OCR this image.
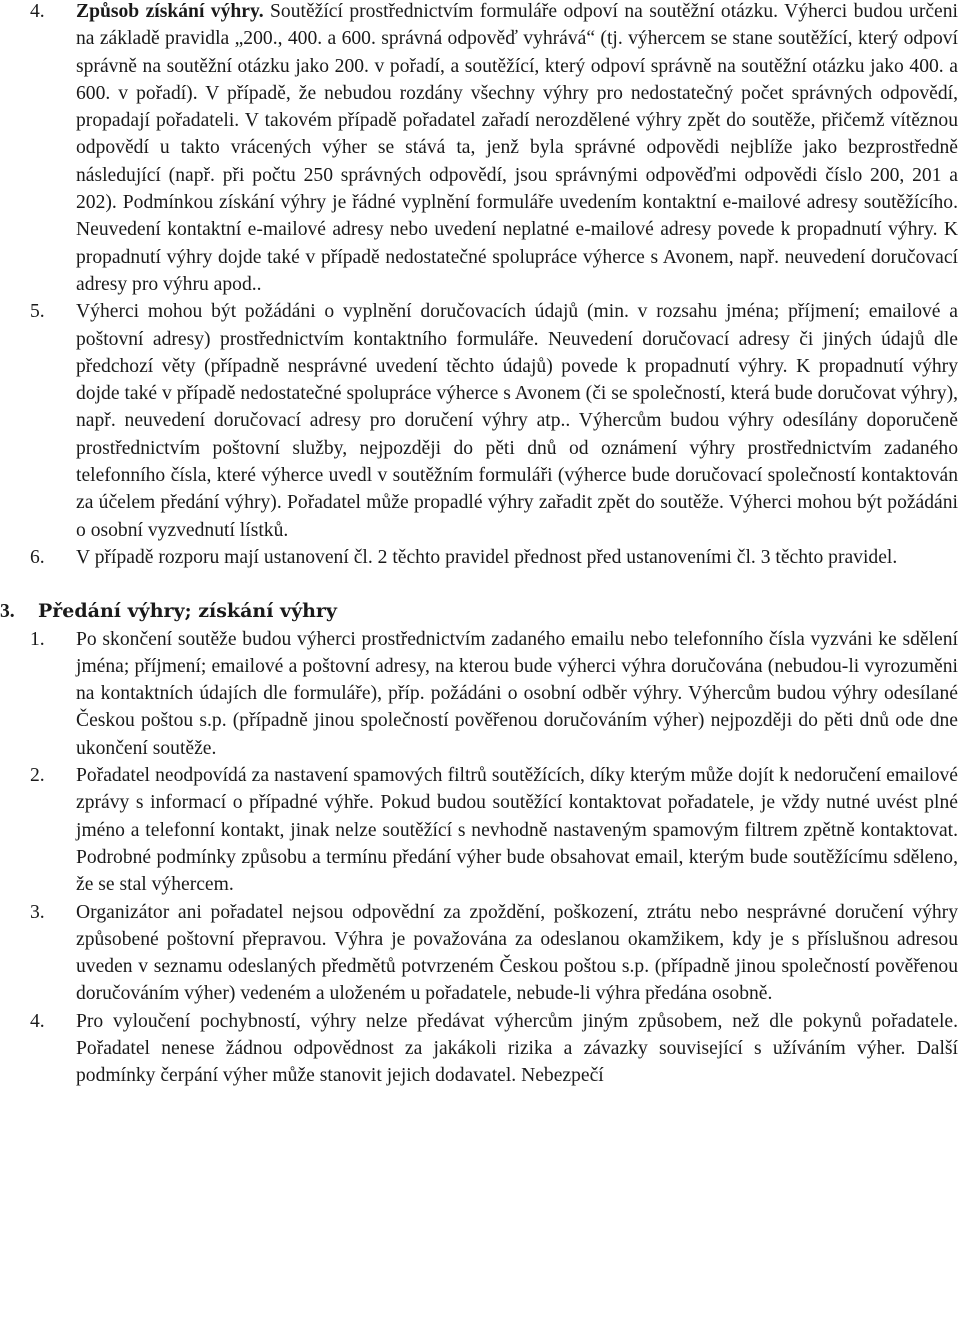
4. Způsob získání výhry. Soutěžící prostřednictvím formuláře odpoví na soutěžní otázku. Výherci budou určeni na základě pravidla „200., 400. a 600. správná odpověď vyhrává“ (tj. výhercem se stane soutěžící, který odpoví správně na soutěžní otázku jako 200. v pořadí, a soutěžící, který odpoví správně na soutěžní otázku jako 400. a 600. v pořadí). V případě, že nebudou rozdány všechny výhry pro nedostatečný počet správných odpovědí, propadají pořadateli. V takovém případě pořadatel zařadí nerozdělené výhry zpět do soutěže, přičemž vítěznou odpovědí u takto vrácených výher se stává ta, jenž byla správné odpovědi nejblíže jako bezprostředně následující (např. při počtu 250 správných odpovědí, jsou správnými odpověďmi odpovědi číslo 200, 201 a 202). Podmínkou získání výhry je řádné vyplnění formuláře uvedením kontaktní e-mailové adresy soutěžícího. Neuvedení kontaktní e-mailové adresy nebo uvedení neplatné e-mailové adresy povede k propadnutí výhry. K propadnutí výhry dojde také v případě nedostatečné spolupráce výherce s Avonem, např. neuvedení doručovací adresy pro výhru apod..

5. Výherci mohou být požádáni o vyplnění doručovacích údajů (min. v rozsahu jména; příjmení; emailové a poštovní adresy) prostřednictvím kontaktního formuláře. Neuvedení doručovací adresy či jiných údajů dle předchozí věty (případně nesprávné uvedení těchto údajů) povede k propadnutí výhry. K propadnutí výhry dojde také v případě nedostatečné spolupráce výherce s Avonem (či se společností, která bude doručovat výhry), např. neuvedení doručovací adresy pro doručení výhry atp.. Výhercům budou výhry odesílány doporučeně prostřednictvím poštovní služby, nejpozději do pěti dnů od oznámení výhry prostřednictvím zadaného telefonního čísla, které výherce uvedl v soutěžním formuláři (výherce bude doručovací společností kontaktován za účelem předání výhry). Pořadatel může propadlé výhry zařadit zpět do soutěže. Výherci mohou být požádáni o osobní vyzvednutí lístků.

6. V případě rozporu mají ustanovení čl. 2 těchto pravidel přednost před ustanoveními čl. 3 těchto pravidel.

3. Předání výhry; získání výhry
1. Po skončení soutěže budou výherci prostřednictvím zadaného emailu nebo telefonního čísla vyzváni ke sdělení jména; příjmení; emailové a poštovní adresy, na kterou bude výherci výhra doručována (nebudou-li vyrozuměni na kontaktních údajích dle formuláře), příp. požádáni o osobní odběr výhry. Výhercům budou výhry odesílané Českou poštou s.p. (případně jinou společností pověřenou doručováním výher) nejpozději do pěti dnů ode dne ukončení soutěže.

2. Pořadatel neodpovídá za nastavení spamových filtrů soutěžících, díky kterým může dojít k nedoručení emailové zprávy s informací o případné výhře. Pokud budou soutěžící kontaktovat pořadatele, je vždy nutné uvést plné jméno a telefonní kontakt, jinak nelze soutěžící s nevhodně nastaveným spamovým filtrem zpětně kontaktovat. Podrobné podmínky způsobu a termínu předání výher bude obsahovat email, kterým bude soutěžícímu sděleno, že se stal výhercem.

3. Organizátor ani pořadatel nejsou odpovědní za zpoždění, poškození, ztrátu nebo nesprávné doručení výhry způsobené poštovní přepravou. Výhra je považována za odeslanou okamžikem, kdy je s příslušnou adresou uveden v seznamu odeslaných předmětů potvrzeném Českou poštou s.p. (případně jinou společností pověřenou doručováním výher) vedeném a uloženém u pořadatele, nebude-li výhra předána osobně.

4. Pro vyloučení pochybností, výhry nelze předávat výhercům jiným způsobem, než dle pokynů pořadatele. Pořadatel nenese žádnou odpovědnost za jakákoli rizika a závazky související s užíváním výher. Další podmínky čerpání výher může stanovit jejich dodavatel. Nebezpečí
